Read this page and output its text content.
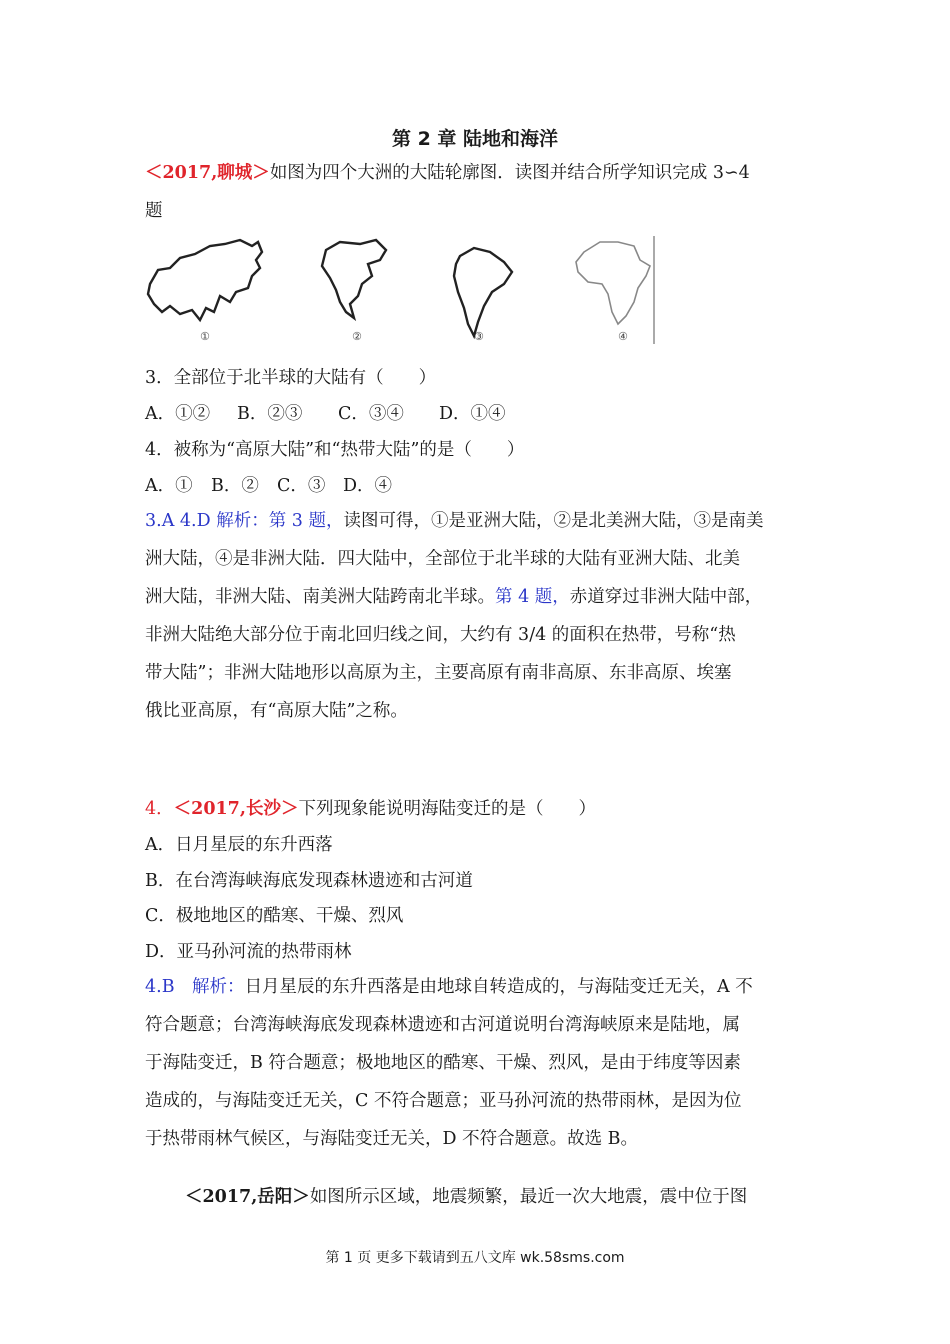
第 2 章 陆地和海洋
＜2017,聊城＞如图为四个大洲的大陆轮廓图．读图并结合所学知识完成 3∽4
题
①	②	③	④
3．全部位于北半球的大陆有（　　）
A．①② B．②③ C．③④ D．①④
4．被称为“高原大陆”和“热带大陆”的是（　　）
A．① B．② C．③ D．④
3.A 4.D 解析：第 3 题，读图可得，①是亚洲大陆，②是北美洲大陆，③是南美
洲大陆，④是非洲大陆．四大陆中，全部位于北半球的大陆有亚洲大陆、北美
洲大陆，非洲大陆、南美洲大陆跨南北半球。第 4 题，赤道穿过非洲大陆中部，
非洲大陆绝大部分位于南北回归线之间，大约有 3/4 的面积在热带，号称“热
带大陆”；非洲大陆地形以高原为主，主要高原有南非高原、东非高原、埃塞
俄比亚高原，有“高原大陆”之称。
4．＜2017,长沙＞下列现象能说明海陆变迁的是（　　）
A．日月星辰的东升西落
B．在台湾海峡海底发现森林遗迹和古河道
C．极地地区的酷寒、干燥、烈风
D．亚马孙河流的热带雨林
4.B　解析：日月星辰的东升西落是由地球自转造成的，与海陆变迁无关，A 不
符合题意；台湾海峡海底发现森林遗迹和古河道说明台湾海峡原来是陆地，属
于海陆变迁，B 符合题意；极地地区的酷寒、干燥、烈风，是由于纬度等因素
造成的，与海陆变迁无关，C 不符合题意；亚马孙河流的热带雨林，是因为位
于热带雨林气候区，与海陆变迁无关，D 不符合题意。故选 B。
＜2017,岳阳＞如图所示区域，地震频繁，最近一次大地震，震中位于图
第 1 页 更多下载请到五八文库 wk.58sms.com
